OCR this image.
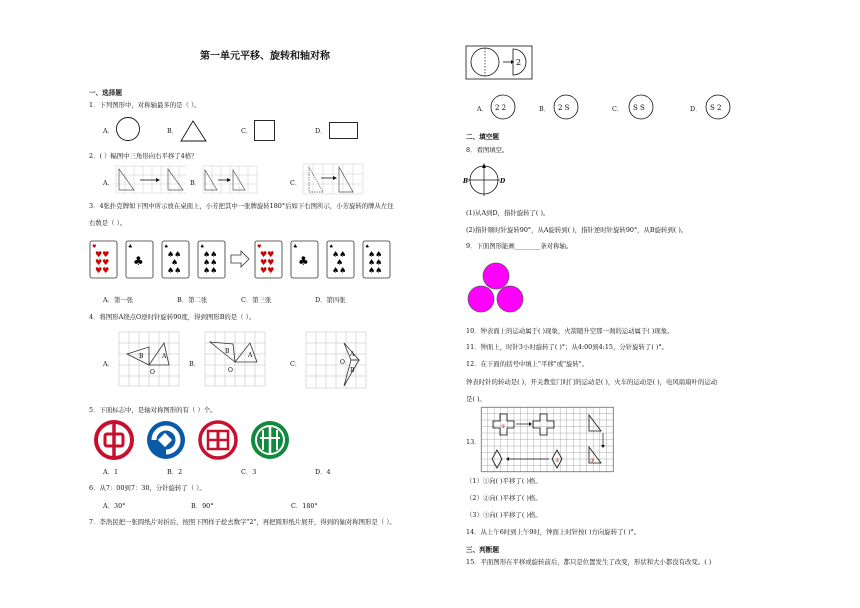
第一单元平移、旋转和轴对称
一、选择题
1．下列图形中，对称轴最多的是（ ）。
A．	B．	C．	D．
2．( ）幅图中三角形向右平移了4格？
A．	B．	C．
3．4张扑克牌如下图中所示放在桌面上，小芳把其中一张牌旋转180°后如下右图所示，小芳旋转的牌从左往
右数是（ ）。
♥
♥♥
♥♥
♥♥
♣
♣
♠
♠♠
♠
♠♠
♠
♠♠
♠♠
♠♠
♥
♥♥
♥♥
♥♥
♣
♣
♠
♠♠
♠
♠♠
♠
♠♠
♠♠
♠♠
A．第一张	B．第二张	C．第三张	D．第四张
4．将图形A绕点O逆时针旋转90度，得到图形B的是（ ）。
A．
A
B
O
B．
A
B
O
C．
A
B
O
5．下面标志中，是轴对称图形的有（ ）个。
A．1	B．2	C．3	D．4
6．从7：00到7：30，分针旋转了（ ）。
A．30°	B．90°	C．180°
7．李浩民把一张圆纸片对折后，按照下图样子挖去数字"2"，再把圆形纸片展开，得到的轴对称图形是（ ）。
2
A． 2 2	B． 2 S	C． S S	D． S 2
二、填空题
8．看图填空。
B	D
(1)从A到D，指针旋转了( )。
(2)指针顺时针旋转90°，从A旋转到( )，指针逆时针旋转90°，从B旋转到( )。
9．下面图形能画________条对称轴。
10．钟表面上的运动属于( )现象，火箭随升空那一刹的运动属于( )现象。
11．钟面上，时针3小时旋转了( )°；从4:00到4:15，分针旋转了( )°。
12．在下面的括号中填上"平移"或"旋转"。
钟表时针的转动是( )，开关教室门时门的运动是( )，火车的运动是( )，电风扇扇叶的运动
是( )。
13．
①
②	③
（1）①向( )平移了( )格。
（2）②向( )平移了( )格。
（3）③向( )平移了( )格。
14．从上午6时到上午9时，钟面上时针按( )方向旋转了( )°。
三、判断题
15．平面图形在平移或旋转前后，都只是位置发生了改变，形状和大小都没有改变。( )
